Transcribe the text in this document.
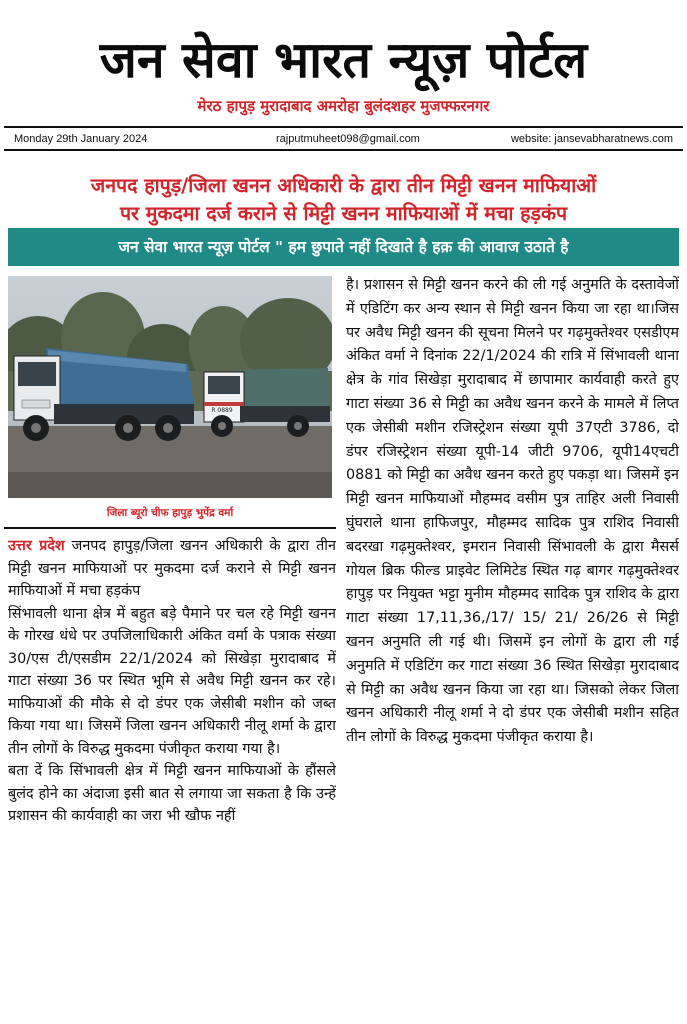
जन सेवा भारत न्यूज़ पोर्टल
मेरठ हापुड़ मुरादाबाद अमरोहा बुलंदशहर मुजफ्फरनगर
Monday 29th January 2024	rajputmuheet098@gmail.com	website: jansevabharatnews.com
जनपद हापुड़/जिला खनन अधिकारी के द्वारा तीन मिट्टी खनन माफियाओं
पर मुकदमा दर्ज कराने से मिट्टी खनन माफियाओं में मचा हड़कंप
जन सेवा भारत न्यूज़ पोर्टल " हम छुपाते नहीं दिखाते है हक़ की आवाज उठाते है
R 0889
जिला ब्यूरो चीफ हापुड़ भुपेंद्र वर्मा

उत्तर प्रदेश जनपद हापुड़/जिला खनन अधिकारी के द्वारा तीन मिट्टी खनन माफियाओं पर मुकदमा दर्ज कराने से मिट्टी खनन माफियाओं में मचा हड़कंप

सिंभावली थाना क्षेत्र में बहुत बड़े पैमाने पर चल रहे मिट्टी खनन के गोरख धंधे पर उपजिलाधिकारी अंकित वर्मा के पत्राक संख्या 30/एस टी/एसडीम 22/1/2024 को सिखेड़ा मुरादाबाद में गाटा संख्या 36 पर स्थित भूमि से अवैध मिट्टी खनन कर रहे। माफियाओं की मौके से दो डंपर एक जेसीबी मशीन को जब्त किया गया था। जिसमें जिला खनन अधिकारी नीलू शर्मा के द्वारा तीन लोगों के विरुद्ध मुकदमा पंजीकृत कराया गया है।

बता दें कि सिंभावली क्षेत्र में मिट्टी खनन माफियाओं के हौंसले बुलंद होने का अंदाजा इसी बात से लगाया जा सकता है कि उन्हें प्रशासन की कार्यवाही का जरा भी खौफ नहीं

है। प्रशासन से मिट्टी खनन करने की ली गई अनुमति के दस्तावेजों में एडिटिंग कर अन्य स्थान से मिट्टी खनन किया जा रहा था।जिस पर अवैध मिट्टी खनन की सूचना मिलने पर गढ़मुक्तेश्वर एसडीएम अंकित वर्मा ने दिनांक 22/1/2024 की रात्रि में सिंभावली थाना क्षेत्र के गांव सिखेड़ा मुरादाबाद में छापामार कार्यवाही करते हुए गाटा संख्या 36 से मिट्टी का अवैध खनन करने के मामले में लिप्त एक जेसीबी मशीन रजिस्ट्रेशन संख्या यूपी 37एटी 3786, दो डंपर रजिस्ट्रेशन संख्या यूपी-14 जीटी 9706, यूपी14एचटी 0881 को मिट्टी का अवैध खनन करते हुए पकड़ा था। जिसमें इन मिट्टी खनन माफियाओं मौहम्मद वसीम पुत्र ताहिर अली निवासी घुंघराले थाना हाफिजपुर, मौहम्मद सादिक पुत्र राशिद निवासी बदरखा गढ़मुक्तेश्वर, इमरान निवासी सिंभावली के द्वारा मैसर्स गोयल ब्रिक फील्ड प्राइवेट लिमिटेड स्थित गढ़ बागर गढ़मुक्तेश्वर हापुड़ पर नियुक्त भट्टा मुनीम मौहम्मद सादिक पुत्र राशिद के द्वारा गाटा संख्या 17,11,36,/17/ 15/ 21/ 26/26 से मिट्टी खनन अनुमति ली गई थी। जिसमें इन लोगों के द्वारा ली गई अनुमति में एडिटिंग कर गाटा संख्या 36 स्थित सिखेड़ा मुरादाबाद से मिट्टी का अवैध खनन किया जा रहा था। जिसको लेकर जिला खनन अधिकारी नीलू शर्मा ने दो डंपर एक जेसीबी मशीन सहित तीन लोगों के विरुद्ध मुकदमा पंजीकृत कराया है।
